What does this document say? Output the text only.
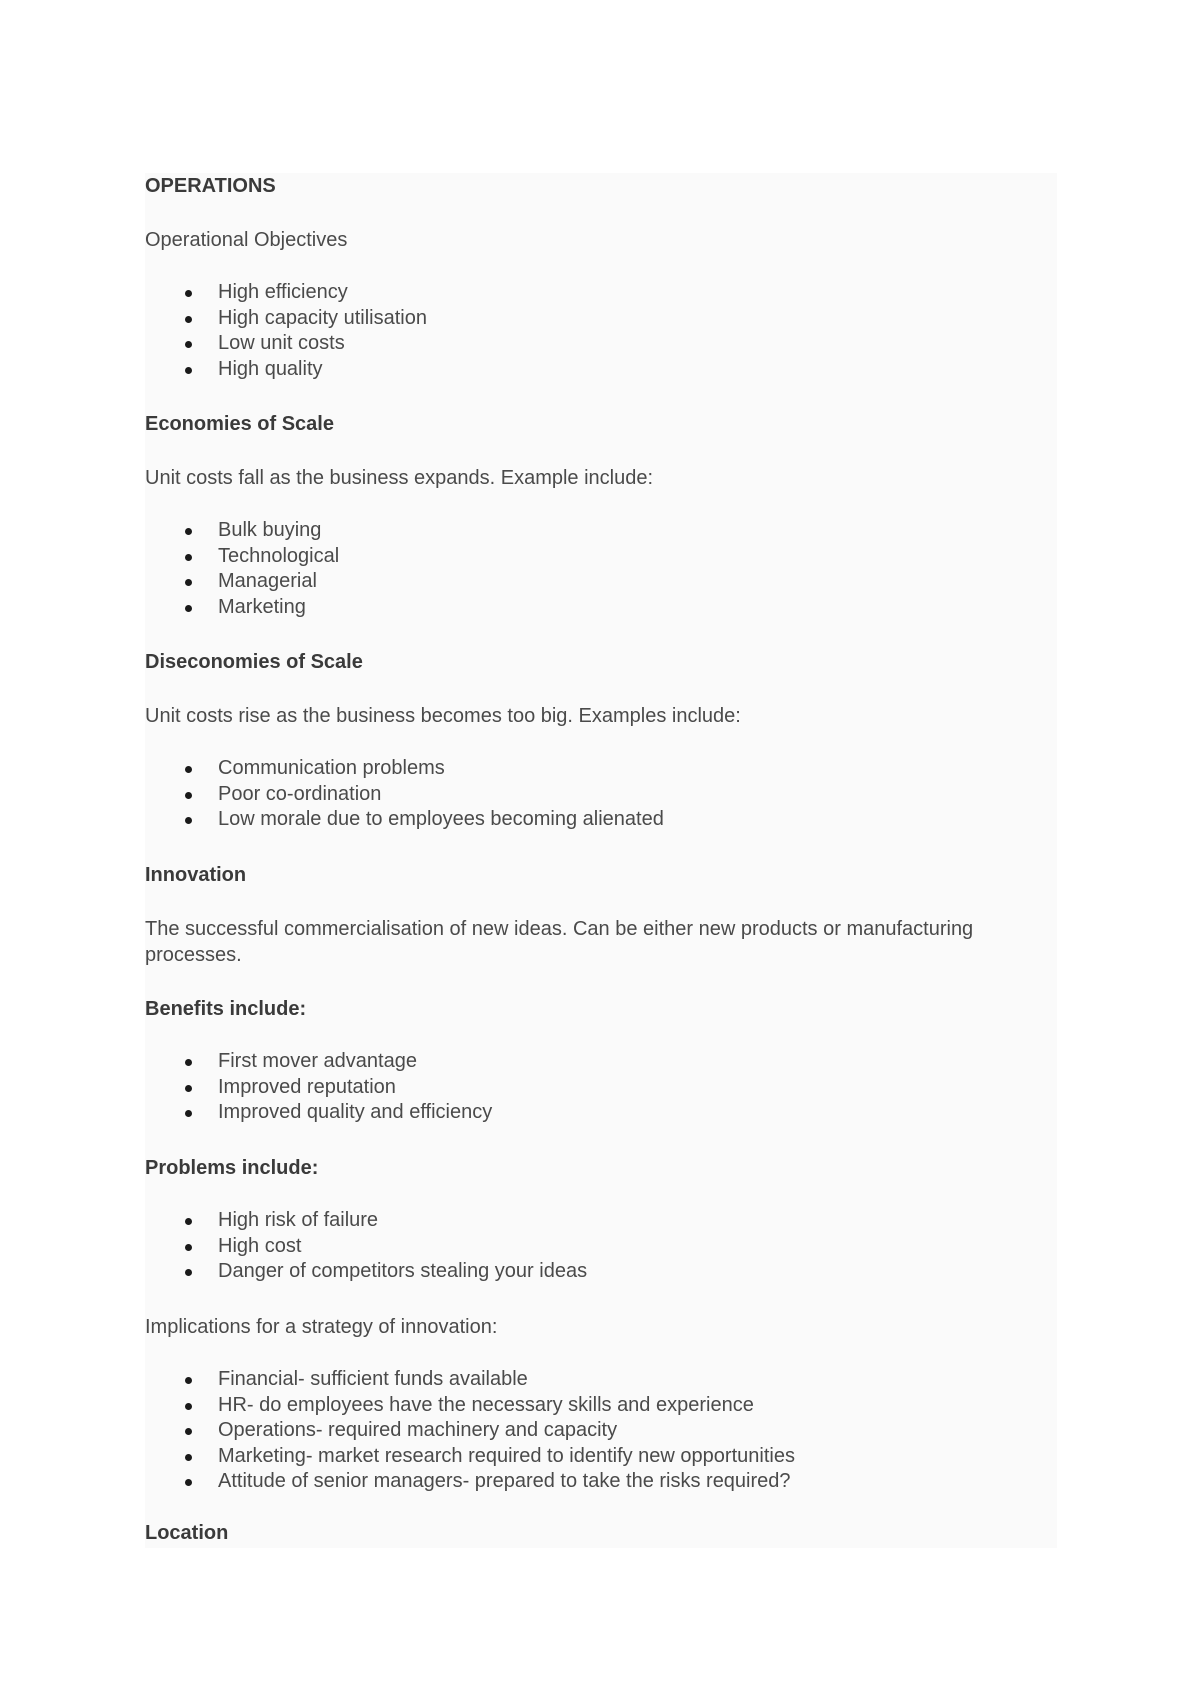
OPERATIONS

Operational Objectives

High efficiency
High capacity utilisation
Low unit costs
High quality

Economies of Scale

Unit costs fall as the business expands. Example include:

Bulk buying
Technological
Managerial
Marketing

Diseconomies of Scale

Unit costs rise as the business becomes too big. Examples include:

Communication problems
Poor co-ordination
Low morale due to employees becoming alienated

Innovation

The successful commercialisation of new ideas. Can be either new products or manufacturing processes.

Benefits include:

First mover advantage
Improved reputation
Improved quality and efficiency

Problems include:

High risk of failure
High cost
Danger of competitors stealing your ideas

Implications for a strategy of innovation:

Financial- sufficient funds available
HR- do employees have the necessary skills and experience
Operations- required machinery and capacity
Marketing- market research required to identify new opportunities
Attitude of senior managers- prepared to take the risks required?

Location
